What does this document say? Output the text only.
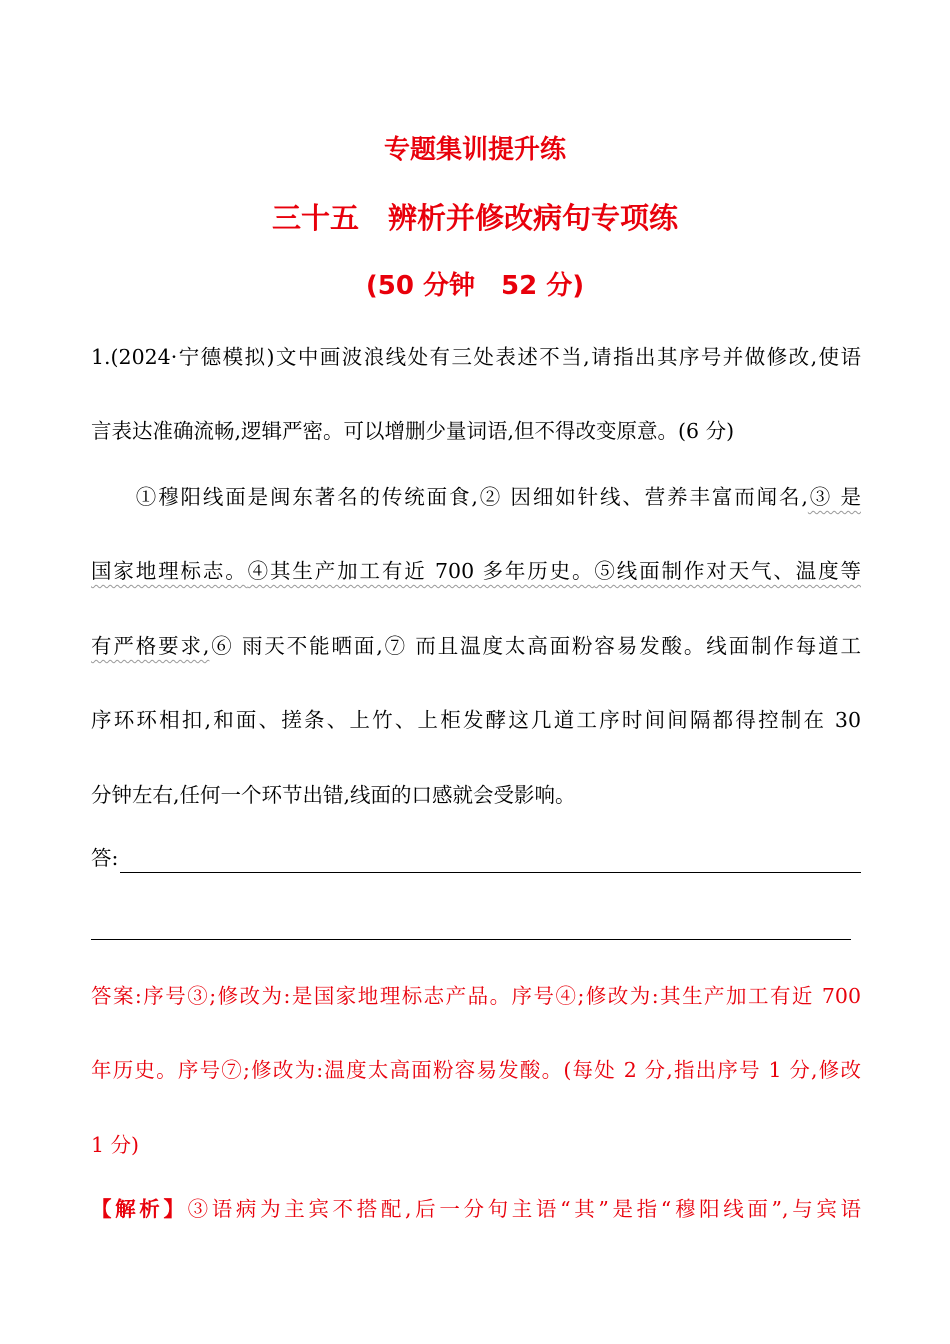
专题集训提升练
三十五　辨析并修改病句专项练
(50 分钟　52 分)
1.(2024·宁德模拟)文中画波浪线处有三处表述不当,请指出其序号并做修改,使语
言表达准确流畅,逻辑严密。可以增删少量词语,但不得改变原意。(6 分)
　　①穆阳线面是闽东著名的传统面食,② 因细如针线、营养丰富而闻名,③ 是
国家地理标志。④其生产加工有近 700 多年历史。⑤线面制作对天气、温度等
有严格要求,⑥ 雨天不能晒面,⑦ 而且温度太高面粉容易发酸。线面制作每道工
序环环相扣,和面、搓条、上竹、上柜发酵这几道工序时间间隔都得控制在 30
分钟左右,任何一个环节出错,线面的口感就会受影响。
答:
答案:序号③;修改为:是国家地理标志产品。序号④;修改为:其生产加工有近 700
年历史。序号⑦;修改为:温度太高面粉容易发酸。(每处 2 分,指出序号 1 分,修改
1 分)
【解析】③语病为主宾不搭配,后一分句主语“其”是指“穆阳线面”,与宾语
